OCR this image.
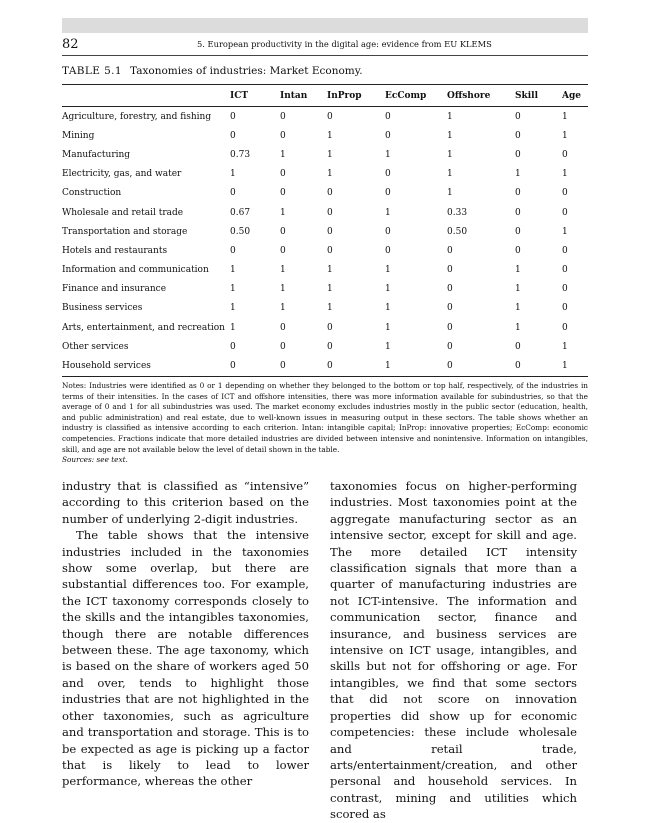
82	5. European productivity in the digital age: evidence from EU KLEMS
TABLE 5.1 Taxonomies of industries: Market Economy.
	ICT	Intan	InProp	EcComp	Offshore	Skill	Age
Agriculture, forestry, and fishing	0	0	0	0	1	0	1
Mining	0	0	1	0	1	0	1
Manufacturing	0.73	1	1	1	1	0	0
Electricity, gas, and water	1	0	1	0	1	1	1
Construction	0	0	0	0	1	0	0
Wholesale and retail trade	0.67	1	0	1	0.33	0	0
Transportation and storage	0.50	0	0	0	0.50	0	1
Hotels and restaurants	0	0	0	0	0	0	0
Information and communication	1	1	1	1	0	1	0
Finance and insurance	1	1	1	1	0	1	0
Business services	1	1	1	1	0	1	0
Arts, entertainment, and recreation	1	0	0	1	0	1	0
Other services	0	0	0	1	0	0	1
Household services	0	0	0	1	0	0	1
Notes: Industries were identified as 0 or 1 depending on whether they belonged to the bottom or top half, respectively, of the industries in terms of their intensities. In the cases of ICT and offshore intensities, there was more information available for subindustries, so that the average of 0 and 1 for all subindustries was used. The market economy excludes industries mostly in the public sector (education, health, and public administration) and real estate, due to well-known issues in measuring output in these sectors. The table shows whether an industry is classified as intensive according to each criterion. Intan: intangible capital; InProp: innovative properties; EcComp: economic competencies. Fractions indicate that more detailed industries are divided between intensive and nonintensive. Information on intangibles, skill, and age are not available below the level of detail shown in the table.
Sources: see text.

industry that is classified as “intensive” according to this criterion based on the number of underlying 2-digit industries.

The table shows that the intensive industries included in the taxonomies show some overlap, but there are substantial differences too. For example, the ICT taxonomy corresponds closely to the skills and the intangibles taxonomies, though there are notable differences between these. The age taxonomy, which is based on the share of workers aged 50 and over, tends to highlight those industries that are not highlighted in the other taxonomies, such as agriculture and transportation and storage. This is to be expected as age is picking up a factor that is likely to lead to lower performance, whereas the other

taxonomies focus on higher-performing industries. Most taxonomies point at the aggregate manufacturing sector as an intensive sector, except for skill and age. The more detailed ICT intensity classification signals that more than a quarter of manufacturing industries are not ICT-intensive. The information and communication sector, finance and insurance, and business services are intensive on ICT usage, intangibles, and skills but not for offshoring or age. For intangibles, we find that some sectors that did not score on innovation properties did show up for economic competencies: these include wholesale and retail trade, arts/entertainment/creation, and other personal and household services. In contrast, mining and utilities which scored as
